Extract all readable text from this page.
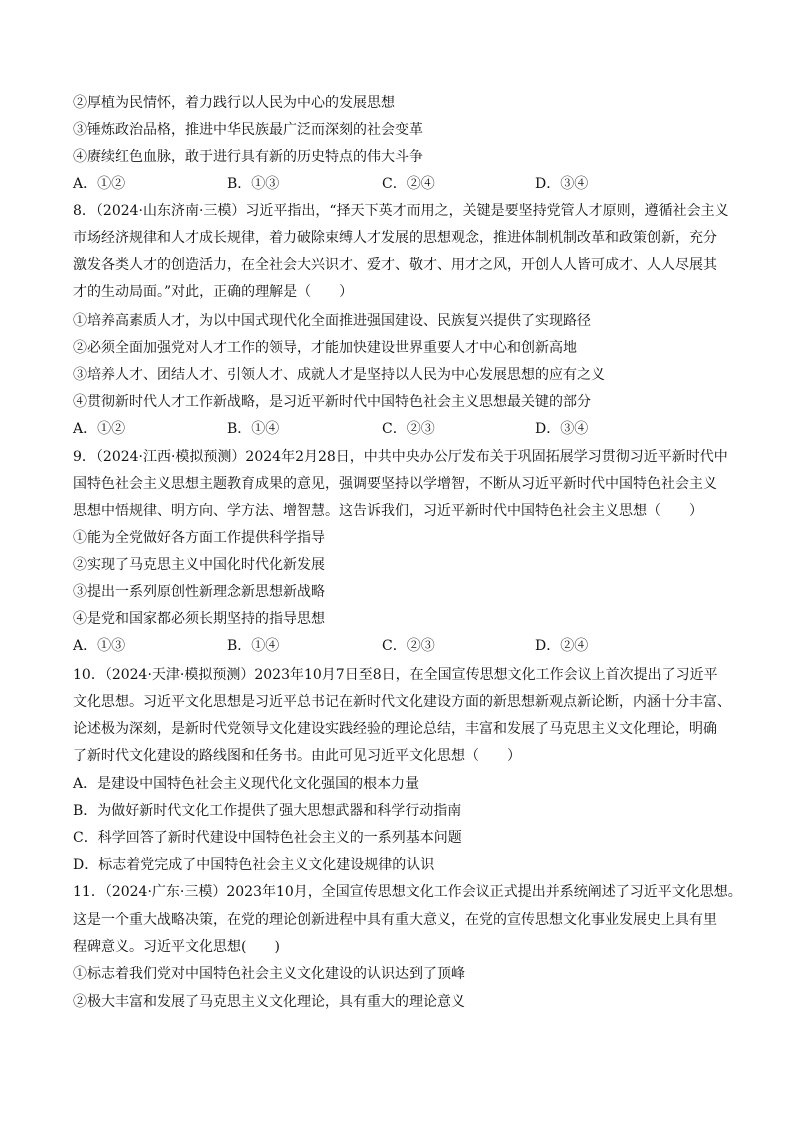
②厚植为民情怀，着力践行以人民为中心的发展思想
③锤炼政治品格，推进中华民族最广泛而深刻的社会变革
④赓续红色血脉，敢于进行具有新的历史特点的伟大斗争
A．①②	B．①③	C．②④	D．③④
8．（2024·山东济南·三模）习近平指出，“择天下英才而用之，关键是要坚持党管人才原则，遵循社会主义
市场经济规律和人才成长规律，着力破除束缚人才发展的思想观念，推进体制机制改革和政策创新，充分
激发各类人才的创造活力，在全社会大兴识才、爱才、敬才、用才之风，开创人人皆可成才、人人尽展其
才的生动局面。”对此，正确的理解是（　　）
①培养高素质人才，为以中国式现代化全面推进强国建设、民族复兴提供了实现路径
②必须全面加强党对人才工作的领导，才能加快建设世界重要人才中心和创新高地
③培养人才、团结人才、引领人才、成就人才是坚持以人民为中心发展思想的应有之义
④贯彻新时代人才工作新战略，是习近平新时代中国特色社会主义思想最关键的部分
A．①②	B．①④	C．②③	D．③④
9．（2024·江西·模拟预测）2024年2月28日，中共中央办公厅发布关于巩固拓展学习贯彻习近平新时代中
国特色社会主义思想主题教育成果的意见，强调要坚持以学增智，不断从习近平新时代中国特色社会主义
思想中悟规律、明方向、学方法、增智慧。这告诉我们，习近平新时代中国特色社会主义思想（　　）
①能为全党做好各方面工作提供科学指导
②实现了马克思主义中国化时代化新发展
③提出一系列原创性新理念新思想新战略
④是党和国家都必须长期坚持的指导思想
A．①③	B．①④	C．②③	D．②④
10．（2024·天津·模拟预测）2023年10月7日至8日，在全国宣传思想文化工作会议上首次提出了习近平
文化思想。习近平文化思想是习近平总书记在新时代文化建设方面的新思想新观点新论断，内涵十分丰富、
论述极为深刻，是新时代党领导文化建设实践经验的理论总结，丰富和发展了马克思主义文化理论，明确
了新时代文化建设的路线图和任务书。由此可见习近平文化思想（　　）
A．是建设中国特色社会主义现代化文化强国的根本力量
B．为做好新时代文化工作提供了强大思想武器和科学行动指南
C．科学回答了新时代建设中国特色社会主义的一系列基本问题
D．标志着党完成了中国特色社会主义文化建设规律的认识
11．（2024·广东·三模）2023年10月，全国宣传思想文化工作会议正式提出并系统阐述了习近平文化思想。
这是一个重大战略决策，在党的理论创新进程中具有重大意义，在党的宣传思想文化事业发展史上具有里
程碑意义。习近平文化思想(　　)
①标志着我们党对中国特色社会主义文化建设的认识达到了顶峰
②极大丰富和发展了马克思主义文化理论，具有重大的理论意义
